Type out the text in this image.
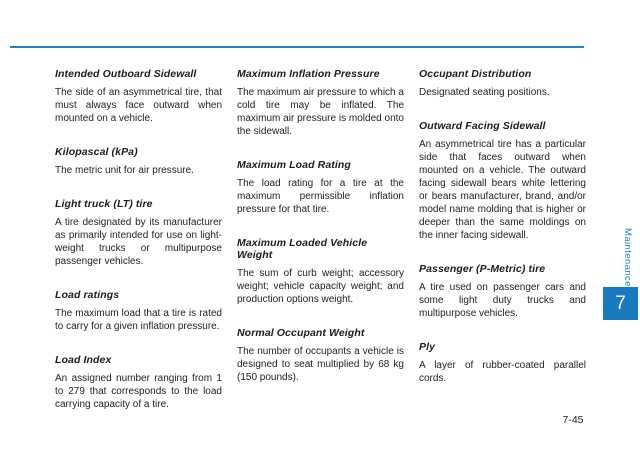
Intended Outboard Sidewall

The side of an asymmetrical tire, that must always face outward when mounted on a vehicle.

Kilopascal (kPa)

The metric unit for air pressure.

Light truck (LT) tire

A tire designated by its manufacturer as primarily intended for use on light-weight trucks or multipurpose passenger vehicles.

Load ratings

The maximum load that a tire is rated to carry for a given inflation pressure.

Load Index

An assigned number ranging from 1 to 279 that corresponds to the load carrying capacity of a tire.

Maximum Inflation Pressure

The maximum air pressure to which a cold tire may be inflated. The maximum air pressure is molded onto the sidewall.

Maximum Load Rating

The load rating for a tire at the maximum permissible inflation pressure for that tire.

Maximum Loaded Vehicle Weight

The sum of curb weight; accessory weight; vehicle capacity weight; and production options weight.

Normal Occupant Weight

The number of occupants a vehicle is designed to seat multiplied by 68 kg (150 pounds).

Occupant Distribution

Designated seating positions.

Outward Facing Sidewall

An asymmetrical tire has a particular side that faces outward when mounted on a vehicle. The outward facing sidewall bears white lettering or bears manufacturer, brand, and/or model name molding that is higher or deeper than the same moldings on the inner facing sidewall.

Passenger (P-Metric) tire

A tire used on passenger cars and some light duty trucks and multipurpose vehicles.

Ply

A layer of rubber-coated parallel cords.

Maintenance
7
7-45
